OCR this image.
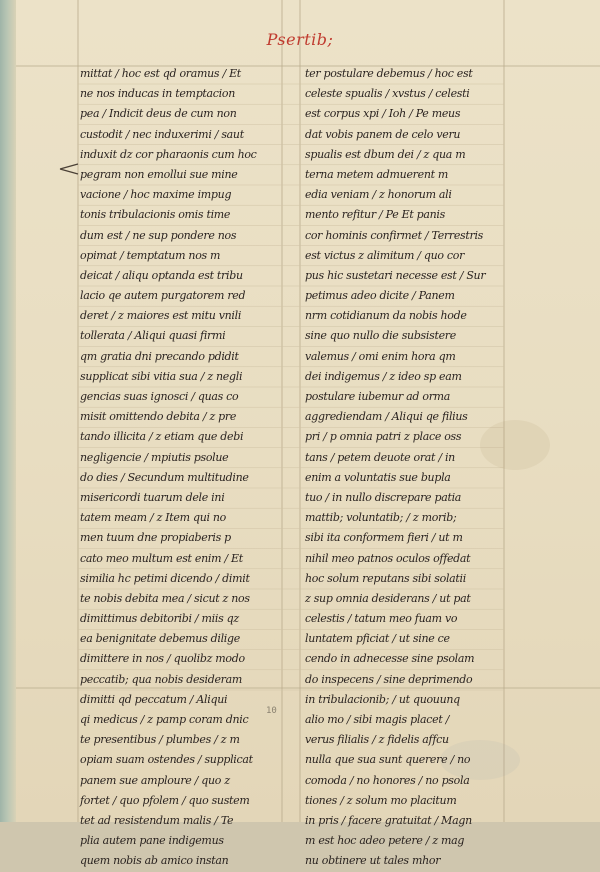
Psertib;
mittat / hoc est qd oramus / Et
ne nos inducas in temptacion
pea / Indicit deus de cum non
custodit / nec induxerimi / saut
induxit dz cor pharaonis cum hoc
pegram non emollui sue mine
vacione / hoc maxime impug
tonis tribulacionis omis time
dum est / ne sup pondere nos
opimat / temptatum nos m
deicat / aliqu optanda est tribu
lacio qe autem purgatorem red
deret / z maiores est mitu vnili
tollerata / Aliqui quasi firmi
qm gratia dni precando pdidit
supplicat sibi vitia sua / z negli
gencias suas ignosci / quas co
misit omittendo debita / z pre
tando illicita / z etiam que debi
negligencie / mpiutis psolue
do dies / Secundum multitudine
misericordi tuarum dele ini
tatem meam / z Item qui no
men tuum dne propiaberis p
cato meo multum est enim / Et
similia hc petimi dicendo / dimit
te nobis debita mea / sicut z nos
dimittimus debitoribi / miis qz
ea benignitate debemus dilige
dimittere in nos / quolibz modo
peccatib; qua nobis desideram
dimitti qd peccatum / Aliqui
qi medicus / z pamp coram dnic
te presentibus / plumbes / z m
opiam suam ostendes / supplicat
panem sue amploure / quo z
fortet / quo pfolem / quo sustem
tet ad resistendum malis / Te
plia autem pane indigemus
quem nobis ab amico instan
ter postulare debemus / hoc est
celeste spualis / xvstus / celesti
est corpus xpi / Ioh / Pe meus
dat vobis panem de celo veru
spualis est dbum dei / z qua m
terna metem admuerent m
edia veniam / z honorum ali
mento refitur / Pe Et panis
cor hominis confirmet / Terrestris
est victus z alimitum / quo cor
pus hic sustetari necesse est / Sur
petimus adeo dicite / Panem
nrm cotidianum da nobis hode
sine quo nullo die subsistere
valemus / omi enim hora qm
dei indigemus / z ideo sp eam
postulare iubemur ad orma
aggrediendam / Aliqui qe filius
pri / p omnia patri z place oss
tans / petem deuote orat / in
enim a voluntatis sue bupla
tuo / in nullo discrepare patia
mattib; voluntatib; / z morib;
sibi ita conformem fieri / ut m
nihil meo patnos oculos offedat
hoc solum reputans sibi solatii
z sup omnia desiderans / ut pat
celestis / tatum meo fuam vo
luntatem pficiat / ut sine ce
cendo in adnecesse sine psolam
do inspecens / sine deprimendo
in tribulacionib; / ut quouunq
alio mo / sibi magis placet /
verus filialis / z fidelis affcu
nulla que sua sunt querere / no
comoda / no honores / no psola
tiones / z solum mo placitum
in pris / facere gratuitat / Magn
m est hoc adeo petere / z mag
nu obtinere ut tales mhor
10
